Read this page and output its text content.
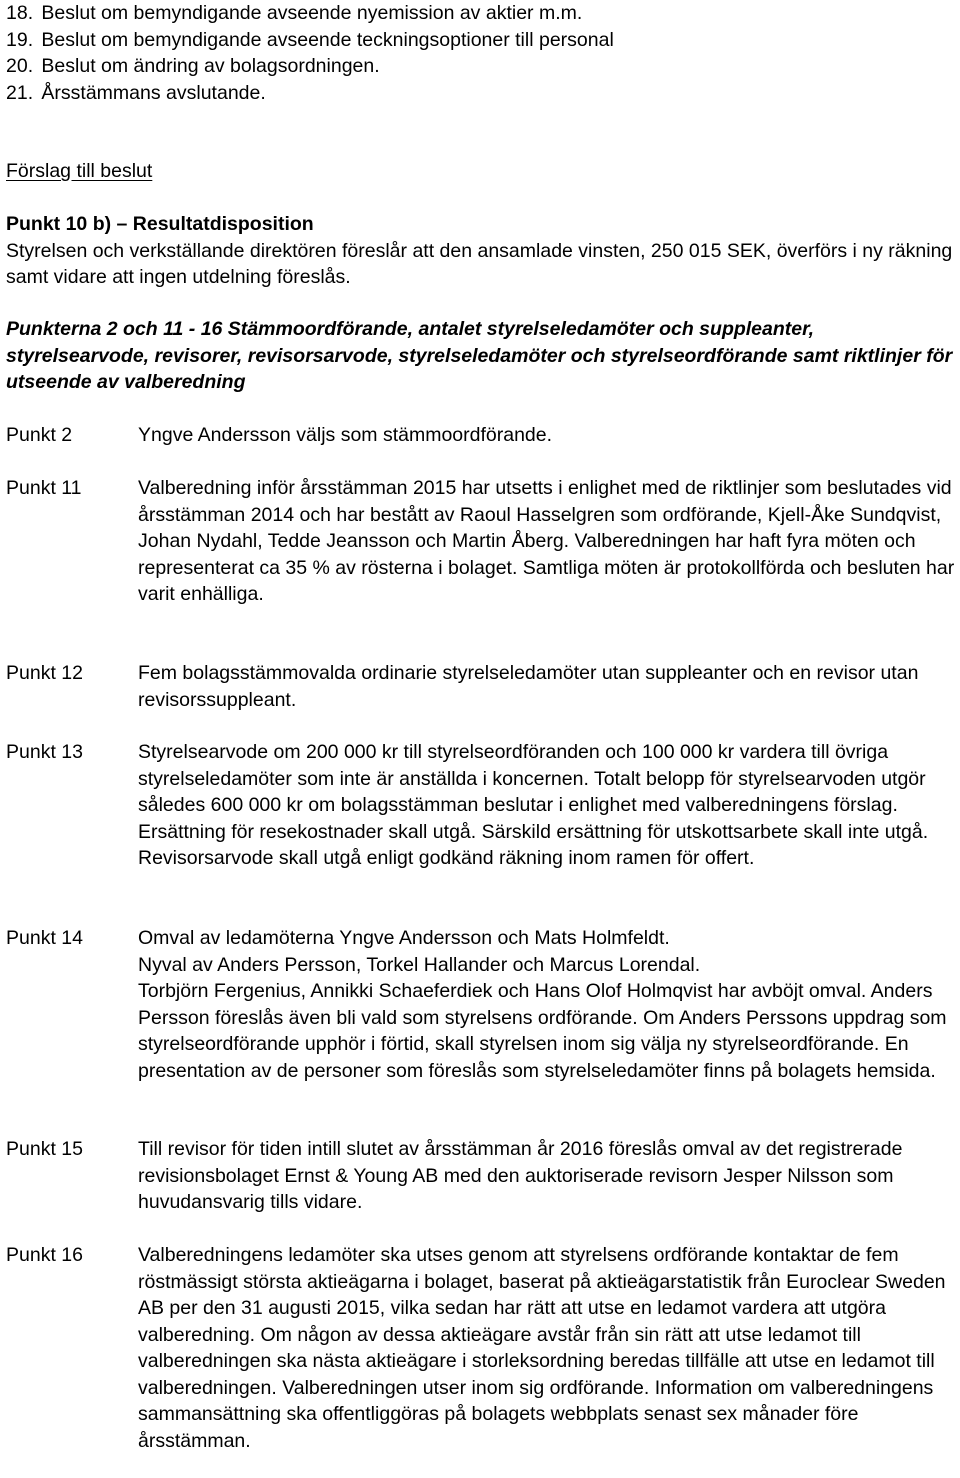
18. Beslut om bemyndigande avseende nyemission av aktier m.m.
19. Beslut om bemyndigande avseende teckningsoptioner till personal
20. Beslut om ändring av bolagsordningen.
21. Årsstämmans avslutande.
Förslag till beslut
Punkt 10 b) – Resultatdisposition
Styrelsen och verkställande direktören föreslår att den ansamlade vinsten, 250 015 SEK, överförs i ny räkning samt vidare att ingen utdelning föreslås.
Punkterna 2 och 11 - 16 Stämmoordförande, antalet styrelseledamöter och suppleanter, styrelsearvode, revisorer, revisorsarvode, styrelseledamöter och styrelseordförande samt riktlinjer för utseende av valberedning
Punkt 2	Yngve Andersson väljs som stämmoordförande.

Punkt 11	Valberedning inför årsstämman 2015 har utsetts i enlighet med de riktlinjer som beslutades vid årsstämman 2014 och har bestått av Raoul Hasselgren som ordförande, Kjell-Åke Sundqvist, Johan Nydahl, Tedde Jeansson och Martin Åberg. Valberedningen har haft fyra möten och representerat ca 35 % av rösterna i bolaget. Samtliga möten är protokollförda och besluten har varit enhälliga.

Punkt 12	Fem bolagsstämmovalda ordinarie styrelseledamöter utan suppleanter och en revisor utan revisorssuppleant.

Punkt 13	Styrelsearvode om 200 000 kr till styrelseordföranden och 100 000 kr vardera till övriga styrelseledamöter som inte är anställda i koncernen. Totalt belopp för styrelsearvoden utgör således 600 000 kr om bolagsstämman beslutar i enlighet med valberedningens förslag. Ersättning för resekostnader skall utgå. Särskild ersättning för utskottsarbete skall inte utgå. Revisorsarvode skall utgå enligt godkänd räkning inom ramen för offert.

Punkt 14	Omval av ledamöterna Yngve Andersson och Mats Holmfeldt.

Nyval av Anders Persson, Torkel Hallander och Marcus Lorendal.

Torbjörn Fergenius, Annikki Schaeferdiek och Hans Olof Holmqvist har avböjt omval. Anders Persson föreslås även bli vald som styrelsens ordförande. Om Anders Perssons uppdrag som styrelseordförande upphör i förtid, skall styrelsen inom sig välja ny styrelseordförande. En presentation av de personer som föreslås som styrelseledamöter finns på bolagets hemsida.

Punkt 15	Till revisor för tiden intill slutet av årsstämman år 2016 föreslås omval av det registrerade revisionsbolaget Ernst & Young AB med den auktoriserade revisorn Jesper Nilsson som huvudansvarig tills vidare.

Punkt 16	Valberedningens ledamöter ska utses genom att styrelsens ordförande kontaktar de fem röstmässigt största aktieägarna i bolaget, baserat på aktieägarstatistik från Euroclear Sweden AB per den 31 augusti 2015, vilka sedan har rätt att utse en ledamot vardera att utgöra valberedning. Om någon av dessa aktieägare avstår från sin rätt att utse ledamot till valberedningen ska nästa aktieägare i storleksordning beredas tillfälle att utse en ledamot till valberedningen. Valberedningen utser inom sig ordförande. Information om valberedningens sammansättning ska offentliggöras på bolagets webbplats senast sex månader före årsstämman.
